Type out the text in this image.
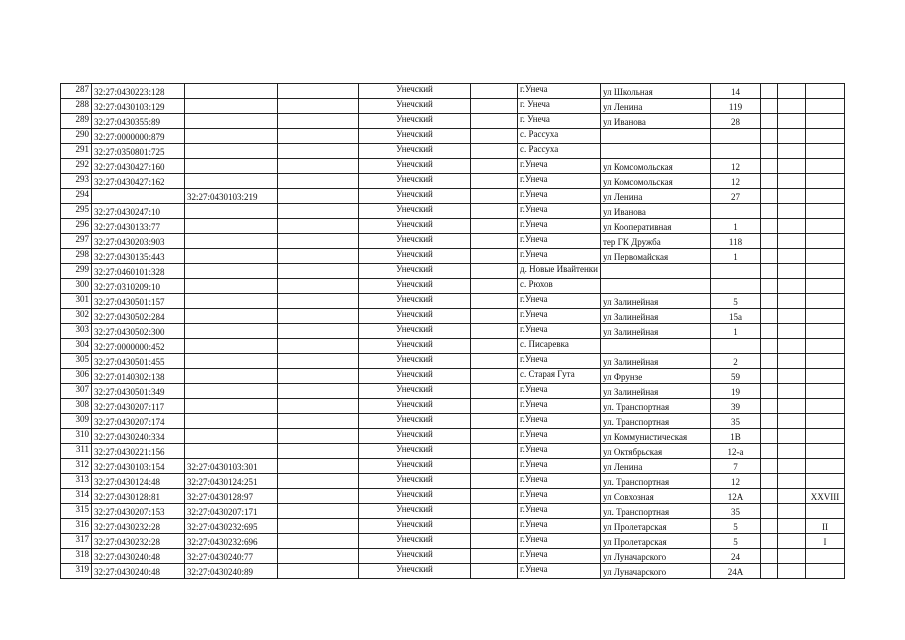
287	32:27:0430223:128			Унечский		г.Унеча	ул Школьная	14			
288	32:27:0430103:129			Унечский		г. Унеча	ул Ленина	119			
289	32:27:0430355:89			Унечский		г. Унеча	ул Иванова	28			
290	32:27:0000000:879			Унечский		с. Рассуха					
291	32:27:0350801:725			Унечский		с. Рассуха					
292	32:27:0430427:160			Унечский		г.Унеча	ул Комсомольская	12			
293	32:27:0430427:162			Унечский		г.Унеча	ул Комсомольская	12			
294		32:27:0430103:219		Унечский		г.Унеча	ул Ленина	27			
295	32:27:0430247:10			Унечский		г.Унеча	ул Иванова				
296	32:27:0430133:77			Унечский		г.Унеча	ул Кооперативная	1			
297	32:27:0430203:903			Унечский		г.Унеча	тер ГК Дружба	118			
298	32:27:0430135:443			Унечский		г.Унеча	ул Первомайская	1			
299	32:27:0460101:328			Унечский		д. Новые Ивайтенки					
300	32:27:0310209:10			Унечский		с. Рюхов					
301	32:27:0430501:157			Унечский		г.Унеча	ул Залинейная	5			
302	32:27:0430502:284			Унечский		г.Унеча	ул Залинейная	15а			
303	32:27:0430502:300			Унечский		г.Унеча	ул Залинейная	1			
304	32:27:0000000:452			Унечский		с. Писаревка					
305	32:27:0430501:455			Унечский		г.Унеча	ул Залинейная	2			
306	32:27:0140302:138			Унечский		с. Старая Гута	ул Фрунзе	59			
307	32:27:0430501:349			Унечский		г.Унеча	ул Залинейная	19			
308	32:27:0430207:117			Унечский		г.Унеча	ул. Транспортная	39			
309	32:27:0430207:174			Унечский		г.Унеча	ул. Транспортная	35			
310	32:27:0430240:334			Унечский		г.Унеча	ул Коммунистическая	1В			
311	32:27:0430221:156			Унечский		г.Унеча	ул Октябрьская	12-а			
312	32:27:0430103:154	32:27:0430103:301		Унечский		г.Унеча	ул Ленина	7			
313	32:27:0430124:48	32:27:0430124:251		Унечский		г.Унеча	ул. Транспортная	12			
314	32:27:0430128:81	32:27:0430128:97		Унечский		г.Унеча	ул Совхозная	12А			XXVIII
315	32:27:0430207:153	32:27:0430207:171		Унечский		г.Унеча	ул. Транспортная	35			
316	32:27:0430232:28	32:27:0430232:695		Унечский		г.Унеча	ул Пролетарская	5			II
317	32:27:0430232:28	32:27:0430232:696		Унечский		г.Унеча	ул Пролетарская	5			I
318	32:27:0430240:48	32:27:0430240:77		Унечский		г.Унеча	ул Луначарского	24			
319	32:27:0430240:48	32:27:0430240:89		Унечский		г.Унеча	ул Луначарского	24А			
